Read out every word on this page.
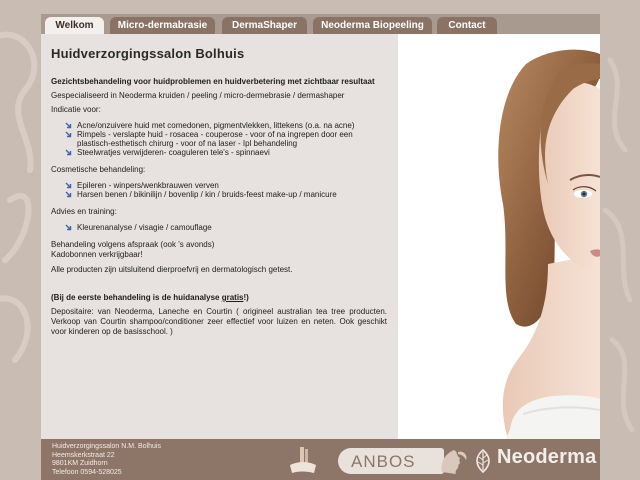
Welkom	Micro-dermabrasie	DermaShaper	Neoderma Biopeeling	Contact
Huidverzorgingssalon Bolhuis

Gezichtsbehandeling voor huidproblemen en huidverbetering met zichtbaar resultaat

Gespecialiseerd in Neoderma kruiden / peeling / micro-dermebrasie / dermashaper

Indicatie voor:

Acne/onzuivere huid met comedonen, pigmentvlekken, littekens (o.a. na acne)
Rimpels - verslapte huid - rosacea - couperose - voor of na ingrepen door een plastisch-esthetisch chirurg - voor of na laser - Ipl behandeling
Steelwratjes verwijderen- coaguleren tele's - spinnaevi

Cosmetische behandeling:

Epileren - winpers/wenkbrauwen verven
Harsen benen / bikinilijn / bovenlip / kin / bruids-feest make-up / manicure

Advies en training:

Kleurenanalyse / visagie / camouflage

Behandeling volgens afspraak (ook 's avonds)

Kadobonnen verkrijgbaar!

Alle producten zijn uitsluitend dierproefvrij en dermatologisch getest.

(Bij de eerste behandeling is de huidanalyse gratis!)

Depositaire: van Neoderma, Laneche en Courtin ( origineel australian tea tree producten. Verkoop van Courtin shampoo/conditioner zeer effectief voor luizen en neten. Ook geschikt voor kinderen op de basisschool. )

Huidverzorgingssalon N.M. Bolhuis
Heemskerkstraat 22
9801KM Zuidhorn
Telefoon 0594-528025
ANBOS	Neoderma
